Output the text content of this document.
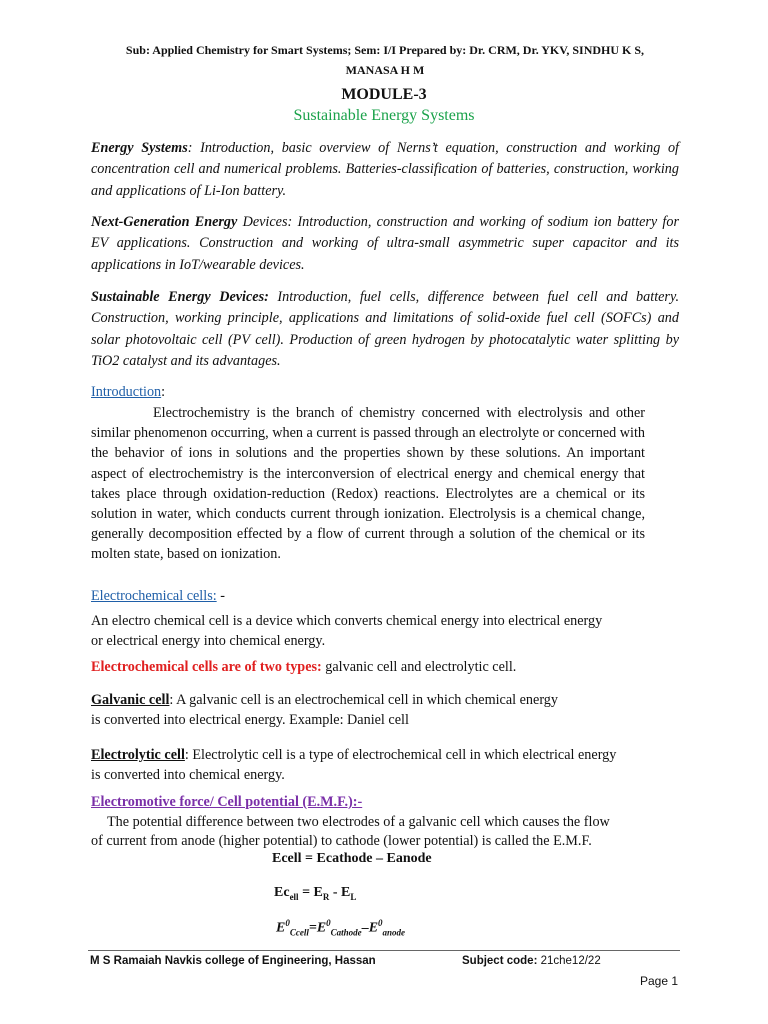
Sub: Applied Chemistry for Smart Systems; Sem: I/I Prepared by: Dr. CRM, Dr. YKV, SINDHU K S,
MANASA H M
MODULE-3
Sustainable Energy Systems
Energy Systems: Introduction, basic overview of Nerns’t equation, construction and working of concentration cell and numerical problems. Batteries-classification of batteries, construction, working and applications of Li-Ion battery.
Next-Generation Energy Devices: Introduction, construction and working of sodium ion battery for EV applications. Construction and working of ultra-small asymmetric super capacitor and its applications in IoT/wearable devices.
Sustainable Energy Devices: Introduction, fuel cells, difference between fuel cell and battery. Construction, working principle, applications and limitations of solid-oxide fuel cell (SOFCs) and solar photovoltaic cell (PV cell). Production of green hydrogen by photocatalytic water splitting by TiO2 catalyst and its advantages.
Introduction:
Electrochemistry is the branch of chemistry concerned with electrolysis and other similar phenomenon occurring, when a current is passed through an electrolyte or concerned with the behavior of ions in solutions and the properties shown by these solutions. An important aspect of electrochemistry is the interconversion of electrical energy and chemical energy that takes place through oxidation-reduction (Redox) reactions. Electrolytes are a chemical or its solution in water, which conducts current through ionization. Electrolysis is a chemical change, generally decomposition effected by a flow of current through a solution of the chemical or its molten state, based on ionization.
Electrochemical cells: -
An electro chemical cell is a device which converts chemical energy into electrical energy
or electrical energy into chemical energy.
Electrochemical cells are of two types: galvanic cell and electrolytic cell.
Galvanic cell: A galvanic cell is an electrochemical cell in which chemical energy
is converted into electrical energy. Example: Daniel cell
Electrolytic cell: Electrolytic cell is a type of electrochemical cell in which electrical energy
is converted into chemical energy.
Electromotive force/ Cell potential (E.M.F.):-
The potential difference between two electrodes of a galvanic cell which causes the flow
of current from anode (higher potential) to cathode (lower potential) is called the E.M.F.
Ecell = Ecathode – Eanode
$Ec_{ell} = E_R - E_L$
$E^0_{Ccell}=E^0_{Cathode}-E^0_{anode}$
M S Ramaiah Navkis college of Engineering, Hassan	Subject code: 21che12/22
Page 1
